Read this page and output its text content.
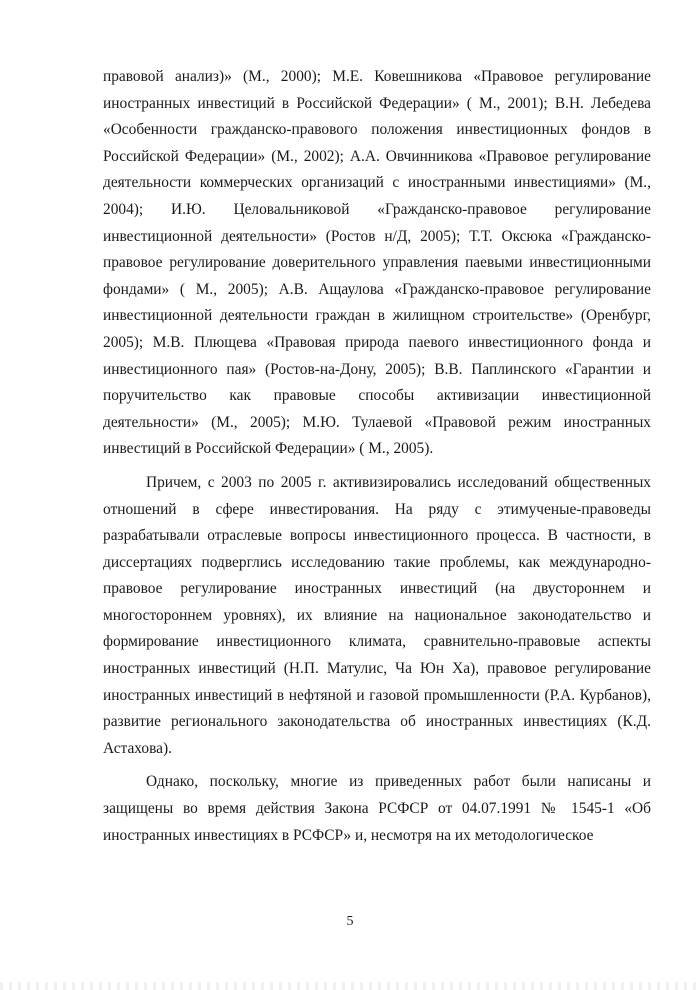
правовой анализ)» (М., 2000); М.Е. Ковешникова «Правовое регулирование иностранных инвестиций в Российской Федерации» ( М., 2001); В.Н. Лебедева «Особенности гражданско-правового положения инвестиционных фондов в Российской Федерации» (М., 2002); А.А. Овчинникова «Правовое регулирование деятельности коммерческих организаций с иностранными инвестициями» (М., 2004); И.Ю. Целовальниковой «Гражданско-правовое регулирование инвестиционной деятельности» (Ростов н/Д, 2005); Т.Т. Оксюка «Гражданско-правовое регулирование доверительного управления паевыми инвестиционными фондами» ( М., 2005); А.В. Ащаулова «Гражданско-правовое регулирование инвестиционной деятельности граждан в жилищном строительстве» (Оренбург, 2005); М.В. Плющева «Правовая природа паевого инвестиционного фонда и инвестиционного пая» (Ростов-на-Дону, 2005); В.В. Паплинского «Гарантии и поручительство как правовые способы активизации инвестиционной деятельности» (М., 2005); М.Ю. Тулаевой «Правовой режим иностранных инвестиций в Российской Федерации» ( М., 2005).

Причем, с 2003 по 2005 г. активизировались исследований общественных отношений в сфере инвестирования. На ряду с этимученые-правоведы разрабатывали отраслевые вопросы инвестиционного процесса. В частности, в диссертациях подверглись исследованию такие проблемы, как международно-правовое регулирование иностранных инвестиций (на двустороннем и многостороннем уровнях), их влияние на национальное законодательство и формирование инвестиционного климата, сравнительно-правовые аспекты иностранных инвестиций (Н.П. Матулис, Ча Юн Ха), правовое регулирование иностранных инвестиций в нефтяной и газовой промышленности (Р.А. Курбанов), развитие регионального законодательства об иностранных инвестициях (К.Д. Астахова).

Однако, поскольку, многие из приведенных работ были написаны и защищены во время действия Закона РСФСР от 04.07.1991 № 1545-1 «Об иностранных инвестициях в РСФСР» и, несмотря на их методологическое

5
